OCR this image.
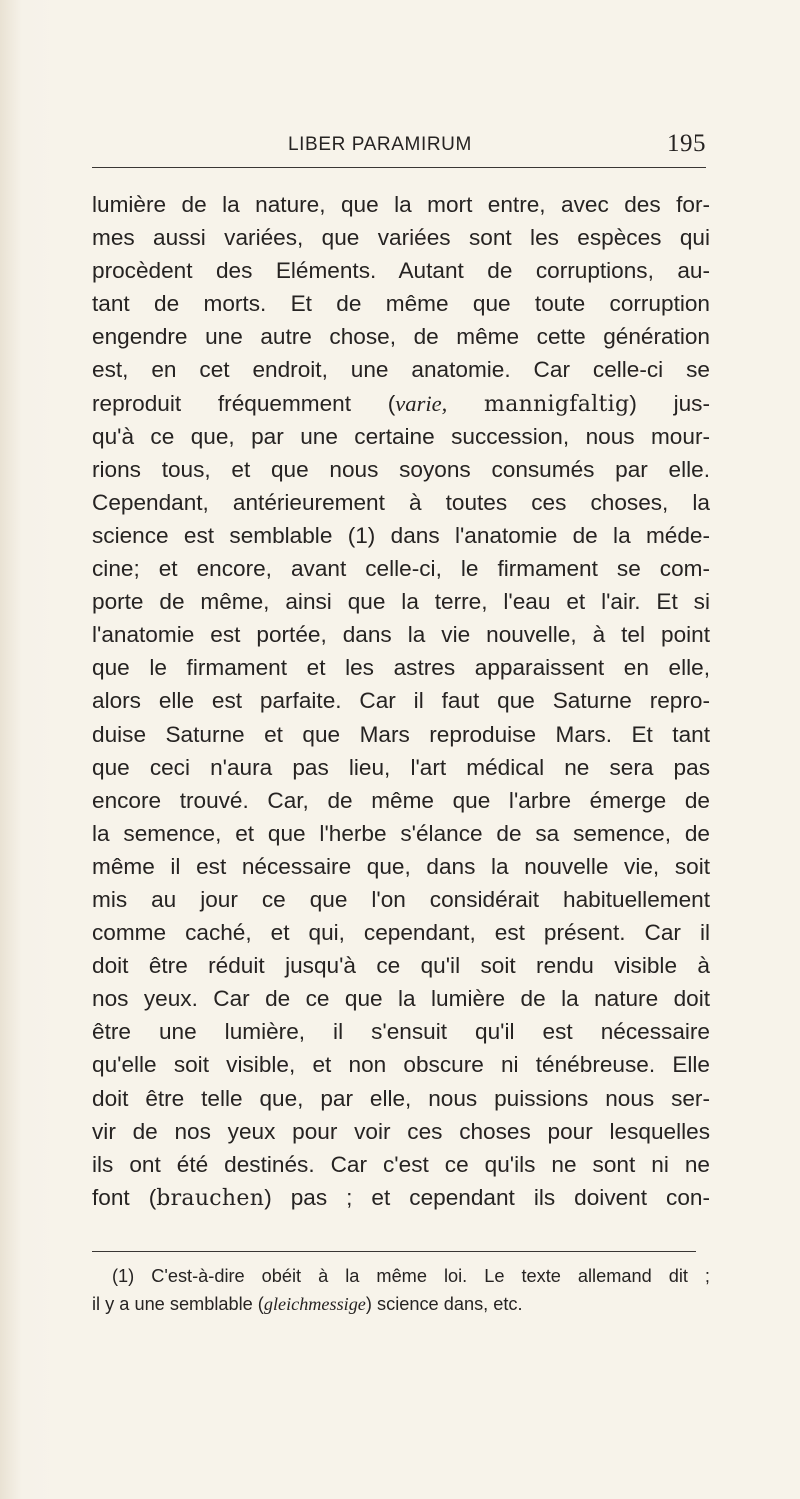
LIBER PARAMIRUM	195
lumière de la nature, que la mort entre, avec des for-
mes aussi variées, que variées sont les espèces qui
procèdent des Eléments. Autant de corruptions, au-
tant de morts. Et de même que toute corruption
engendre une autre chose, de même cette génération
est, en cet endroit, une anatomie. Car celle-ci se
reproduit fréquemment (varie, mannigfaltig) jus-
qu'à ce que, par une certaine succession, nous mour-
rions tous, et que nous soyons consumés par elle.
Cependant, antérieurement à toutes ces choses, la
science est semblable (1) dans l'anatomie de la méde-
cine; et encore, avant celle-ci, le firmament se com-
porte de même, ainsi que la terre, l'eau et l'air. Et si
l'anatomie est portée, dans la vie nouvelle, à tel point
que le firmament et les astres apparaissent en elle,
alors elle est parfaite. Car il faut que Saturne repro-
duise Saturne et que Mars reproduise Mars. Et tant
que ceci n'aura pas lieu, l'art médical ne sera pas
encore trouvé. Car, de même que l'arbre émerge de
la semence, et que l'herbe s'élance de sa semence, de
même il est nécessaire que, dans la nouvelle vie, soit
mis au jour ce que l'on considérait habituellement
comme caché, et qui, cependant, est présent. Car il
doit être réduit jusqu'à ce qu'il soit rendu visible à
nos yeux. Car de ce que la lumière de la nature doit
être une lumière, il s'ensuit qu'il est nécessaire
qu'elle soit visible, et non obscure ni ténébreuse. Elle
doit être telle que, par elle, nous puissions nous ser-
vir de nos yeux pour voir ces choses pour lesquelles
ils ont été destinés. Car c'est ce qu'ils ne sont ni ne
font (brauchen) pas ; et cependant ils doivent con-
(1) C'est-à-dire obéit à la même loi. Le texte allemand dit ;
il y a une semblable (gleichmessige) science dans, etc.
